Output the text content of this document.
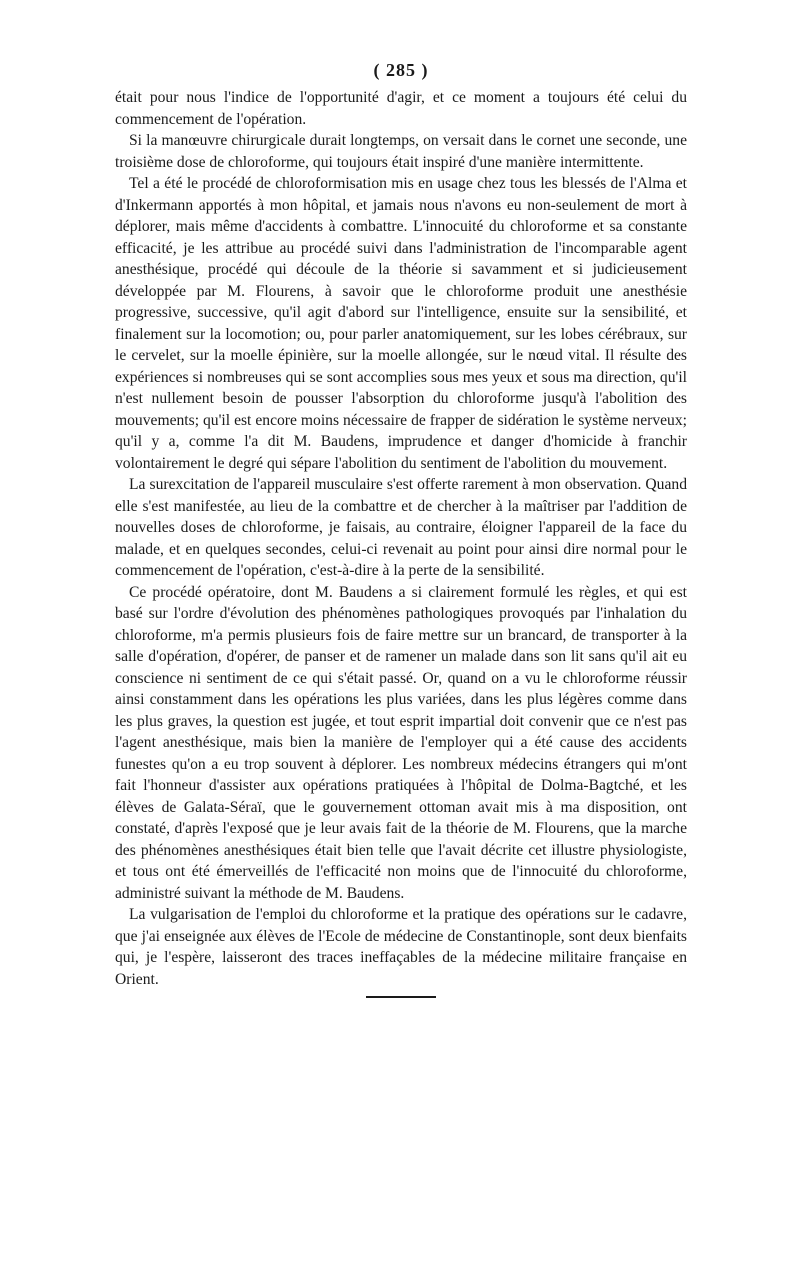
( 285 )

était pour nous l'indice de l'opportunité d'agir, et ce moment a toujours été celui du commencement de l'opération.

Si la manœuvre chirurgicale durait longtemps, on versait dans le cornet une seconde, une troisième dose de chloroforme, qui toujours était inspiré d'une manière intermittente.

Tel a été le procédé de chloroformisation mis en usage chez tous les blessés de l'Alma et d'Inkermann apportés à mon hôpital, et jamais nous n'avons eu non-seulement de mort à déplorer, mais même d'accidents à combattre. L'innocuité du chloroforme et sa constante efficacité, je les attribue au procédé suivi dans l'administration de l'incomparable agent anesthésique, procédé qui découle de la théorie si savamment et si judicieusement développée par M. Flourens, à savoir que le chloroforme produit une anesthésie progressive, successive, qu'il agit d'abord sur l'intelligence, ensuite sur la sensibilité, et finalement sur la locomotion; ou, pour parler anatomiquement, sur les lobes cérébraux, sur le cervelet, sur la moelle épinière, sur la moelle allongée, sur le nœud vital. Il résulte des expériences si nombreuses qui se sont accomplies sous mes yeux et sous ma direction, qu'il n'est nullement besoin de pousser l'absorption du chloroforme jusqu'à l'abolition des mouvements; qu'il est encore moins nécessaire de frapper de sidération le système nerveux; qu'il y a, comme l'a dit M. Baudens, imprudence et danger d'homicide à franchir volontairement le degré qui sépare l'abolition du sentiment de l'abolition du mouvement.

La surexcitation de l'appareil musculaire s'est offerte rarement à mon observation. Quand elle s'est manifestée, au lieu de la combattre et de chercher à la maîtriser par l'addition de nouvelles doses de chloroforme, je faisais, au contraire, éloigner l'appareil de la face du malade, et en quelques secondes, celui-ci revenait au point pour ainsi dire normal pour le commencement de l'opération, c'est-à-dire à la perte de la sensibilité.

Ce procédé opératoire, dont M. Baudens a si clairement formulé les règles, et qui est basé sur l'ordre d'évolution des phénomènes pathologiques provoqués par l'inhalation du chloroforme, m'a permis plusieurs fois de faire mettre sur un brancard, de transporter à la salle d'opération, d'opérer, de panser et de ramener un malade dans son lit sans qu'il ait eu conscience ni sentiment de ce qui s'était passé. Or, quand on a vu le chloroforme réussir ainsi constamment dans les opérations les plus variées, dans les plus légères comme dans les plus graves, la question est jugée, et tout esprit impartial doit convenir que ce n'est pas l'agent anesthésique, mais bien la manière de l'employer qui a été cause des accidents funestes qu'on a eu trop souvent à déplorer. Les nombreux médecins étrangers qui m'ont fait l'honneur d'assister aux opérations pratiquées à l'hôpital de Dolma-Bagtché, et les élèves de Galata-Séraï, que le gouvernement ottoman avait mis à ma disposition, ont constaté, d'après l'exposé que je leur avais fait de la théorie de M. Flourens, que la marche des phénomènes anesthésiques était bien telle que l'avait décrite cet illustre physiologiste, et tous ont été émerveillés de l'efficacité non moins que de l'innocuité du chloroforme, administré suivant la méthode de M. Baudens.

La vulgarisation de l'emploi du chloroforme et la pratique des opérations sur le cadavre, que j'ai enseignée aux élèves de l'Ecole de médecine de Constantinople, sont deux bienfaits qui, je l'espère, laisseront des traces ineffaçables de la médecine militaire française en Orient.
